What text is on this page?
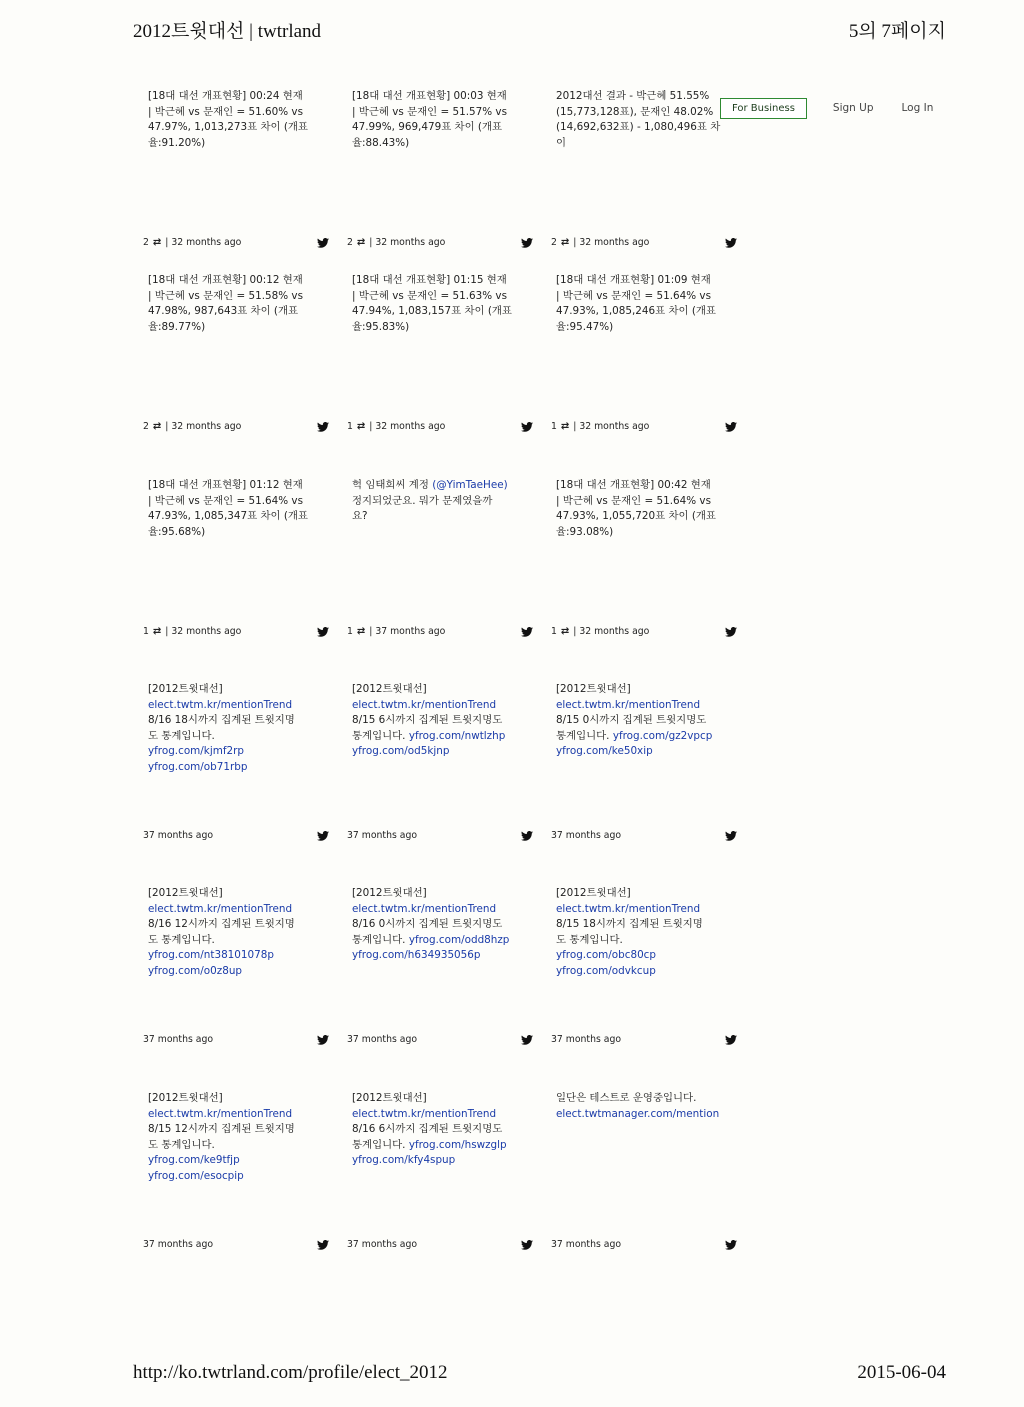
2012트윗대선 | twtrland	5의 7페이지
For Business	Sign Up	Log In
[18대 대선 개표현황] 00:24 현재
| 박근혜 vs 문재인 = 51.60% vs
47.97%, 1,013,273표 차이 (개표
율:91.20%)
2 ⇄ | 32 months ago
[18대 대선 개표현황] 00:03 현재
| 박근혜 vs 문재인 = 51.57% vs
47.99%, 969,479표 차이 (개표
율:88.43%)
2 ⇄ | 32 months ago
2012대선 결과 - 박근혜 51.55%
(15,773,128표), 문재인 48.02%
(14,692,632표) - 1,080,496표 차
이
2 ⇄ | 32 months ago
[18대 대선 개표현황] 00:12 현재
| 박근혜 vs 문재인 = 51.58% vs
47.98%, 987,643표 차이 (개표
율:89.77%)
2 ⇄ | 32 months ago
[18대 대선 개표현황] 01:15 현재
| 박근혜 vs 문재인 = 51.63% vs
47.94%, 1,083,157표 차이 (개표
율:95.83%)
1 ⇄ | 32 months ago
[18대 대선 개표현황] 01:09 현재
| 박근혜 vs 문재인 = 51.64% vs
47.93%, 1,085,246표 차이 (개표
율:95.47%)
1 ⇄ | 32 months ago
[18대 대선 개표현황] 01:12 현재
| 박근혜 vs 문재인 = 51.64% vs
47.93%, 1,085,347표 차이 (개표
율:95.68%)
1 ⇄ | 32 months ago
헉 임태희씨 계정 (@YimTaeHee)
정지되었군요. 뭐가 문제였을까
요?
1 ⇄ | 37 months ago
[18대 대선 개표현황] 00:42 현재
| 박근혜 vs 문재인 = 51.64% vs
47.93%, 1,055,720표 차이 (개표
율:93.08%)
1 ⇄ | 32 months ago
[2012트윗대선]
elect.twtm.kr/mentionTrend
8/16 18시까지 집계된 트윗지명
도 통계입니다.
yfrog.com/kjmf2rp
yfrog.com/ob71rbp
37 months ago
[2012트윗대선]
elect.twtm.kr/mentionTrend
8/15 6시까지 집계된 트윗지명도
통계입니다. yfrog.com/nwtlzhp
yfrog.com/od5kjnp
37 months ago
[2012트윗대선]
elect.twtm.kr/mentionTrend
8/15 0시까지 집계된 트윗지명도
통계입니다. yfrog.com/gz2vpcp
yfrog.com/ke50xip
37 months ago
[2012트윗대선]
elect.twtm.kr/mentionTrend
8/16 12시까지 집계된 트윗지명
도 통계입니다.
yfrog.com/nt38101078p
yfrog.com/o0z8up
37 months ago
[2012트윗대선]
elect.twtm.kr/mentionTrend
8/16 0시까지 집계된 트윗지명도
통계입니다. yfrog.com/odd8hzp
yfrog.com/h634935056p
37 months ago
[2012트윗대선]
elect.twtm.kr/mentionTrend
8/15 18시까지 집계된 트윗지명
도 통계입니다.
yfrog.com/obc80cp
yfrog.com/odvkcup
37 months ago
[2012트윗대선]
elect.twtm.kr/mentionTrend
8/15 12시까지 집계된 트윗지명
도 통계입니다.
yfrog.com/ke9tfjp
yfrog.com/esocpip
37 months ago
[2012트윗대선]
elect.twtm.kr/mentionTrend
8/16 6시까지 집계된 트윗지명도
통계입니다. yfrog.com/hswzglp
yfrog.com/kfy4spup
37 months ago
일단은 테스트로 운영중입니다.
elect.twtmanager.com/mention
37 months ago
http://ko.twtrland.com/profile/elect_2012	2015-06-04
